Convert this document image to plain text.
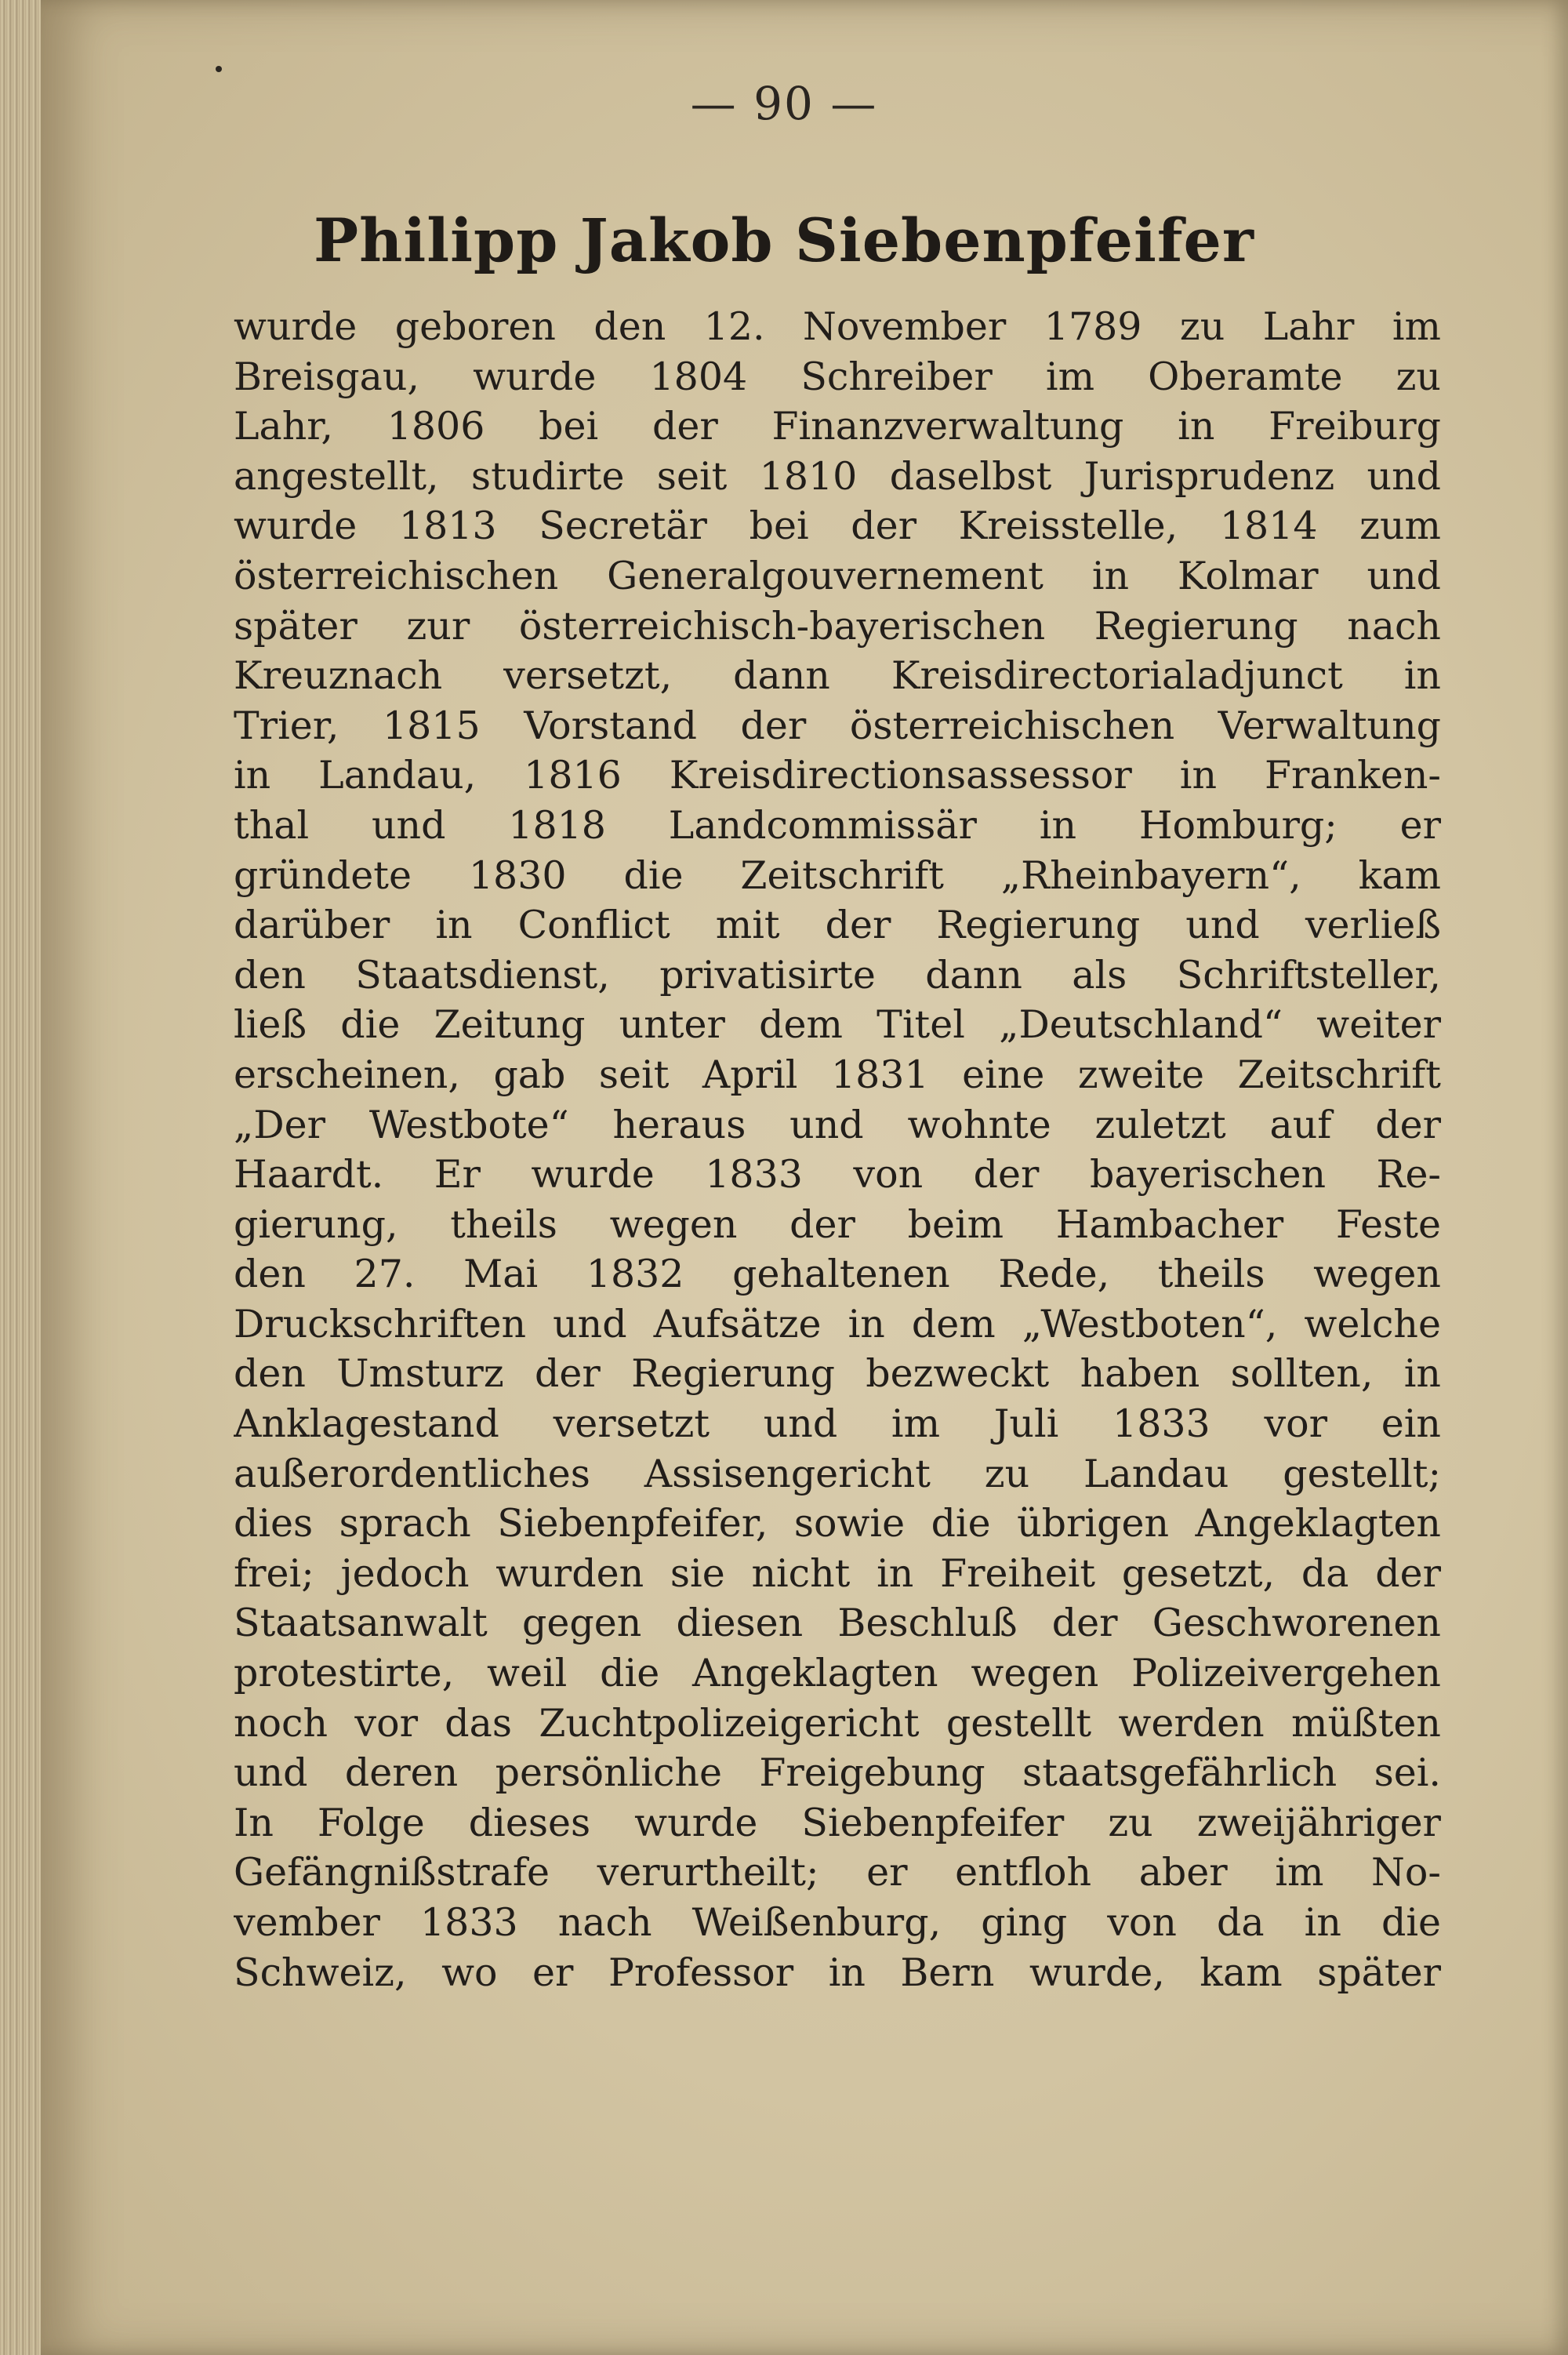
— 90 —
Philipp Jakob Siebenpfeifer
wurde geboren den 12. November 1789 zu Lahr im
Breisgau, wurde 1804 Schreiber im Oberamte zu
Lahr, 1806 bei der Finanzverwaltung in Freiburg
angestellt, studirte seit 1810 daselbst Jurisprudenz und
wurde 1813 Secretär bei der Kreisstelle, 1814 zum
österreichischen Generalgouvernement in Kolmar und
später zur österreichisch-bayerischen Regierung nach
Kreuznach versetzt, dann Kreisdirectorialadjunct in
Trier, 1815 Vorstand der österreichischen Verwaltung
in Landau, 1816 Kreisdirectionsassessor in Franken-
thal und 1818 Landcommissär in Homburg; er
gründete 1830 die Zeitschrift „Rheinbayern“, kam
darüber in Conflict mit der Regierung und verließ
den Staatsdienst, privatisirte dann als Schriftsteller,
ließ die Zeitung unter dem Titel „Deutschland“ weiter
erscheinen, gab seit April 1831 eine zweite Zeitschrift
„Der Westbote“ heraus und wohnte zuletzt auf der
Haardt. Er wurde 1833 von der bayerischen Re-
gierung, theils wegen der beim Hambacher Feste
den 27. Mai 1832 gehaltenen Rede, theils wegen
Druckschriften und Aufsätze in dem „Westboten“, welche
den Umsturz der Regierung bezweckt haben sollten, in
Anklagestand versetzt und im Juli 1833 vor ein
außerordentliches Assisengericht zu Landau gestellt;
dies sprach Siebenpfeifer, sowie die übrigen Angeklagten
frei; jedoch wurden sie nicht in Freiheit gesetzt, da der
Staatsanwalt gegen diesen Beschluß der Geschworenen
protestirte, weil die Angeklagten wegen Polizeivergehen
noch vor das Zuchtpolizeigericht gestellt werden müßten
und deren persönliche Freigebung staatsgefährlich sei.
In Folge dieses wurde Siebenpfeifer zu zweijähriger
Gefängnißstrafe verurtheilt; er entfloh aber im No-
vember 1833 nach Weißenburg, ging von da in die
Schweiz, wo er Professor in Bern wurde, kam später
